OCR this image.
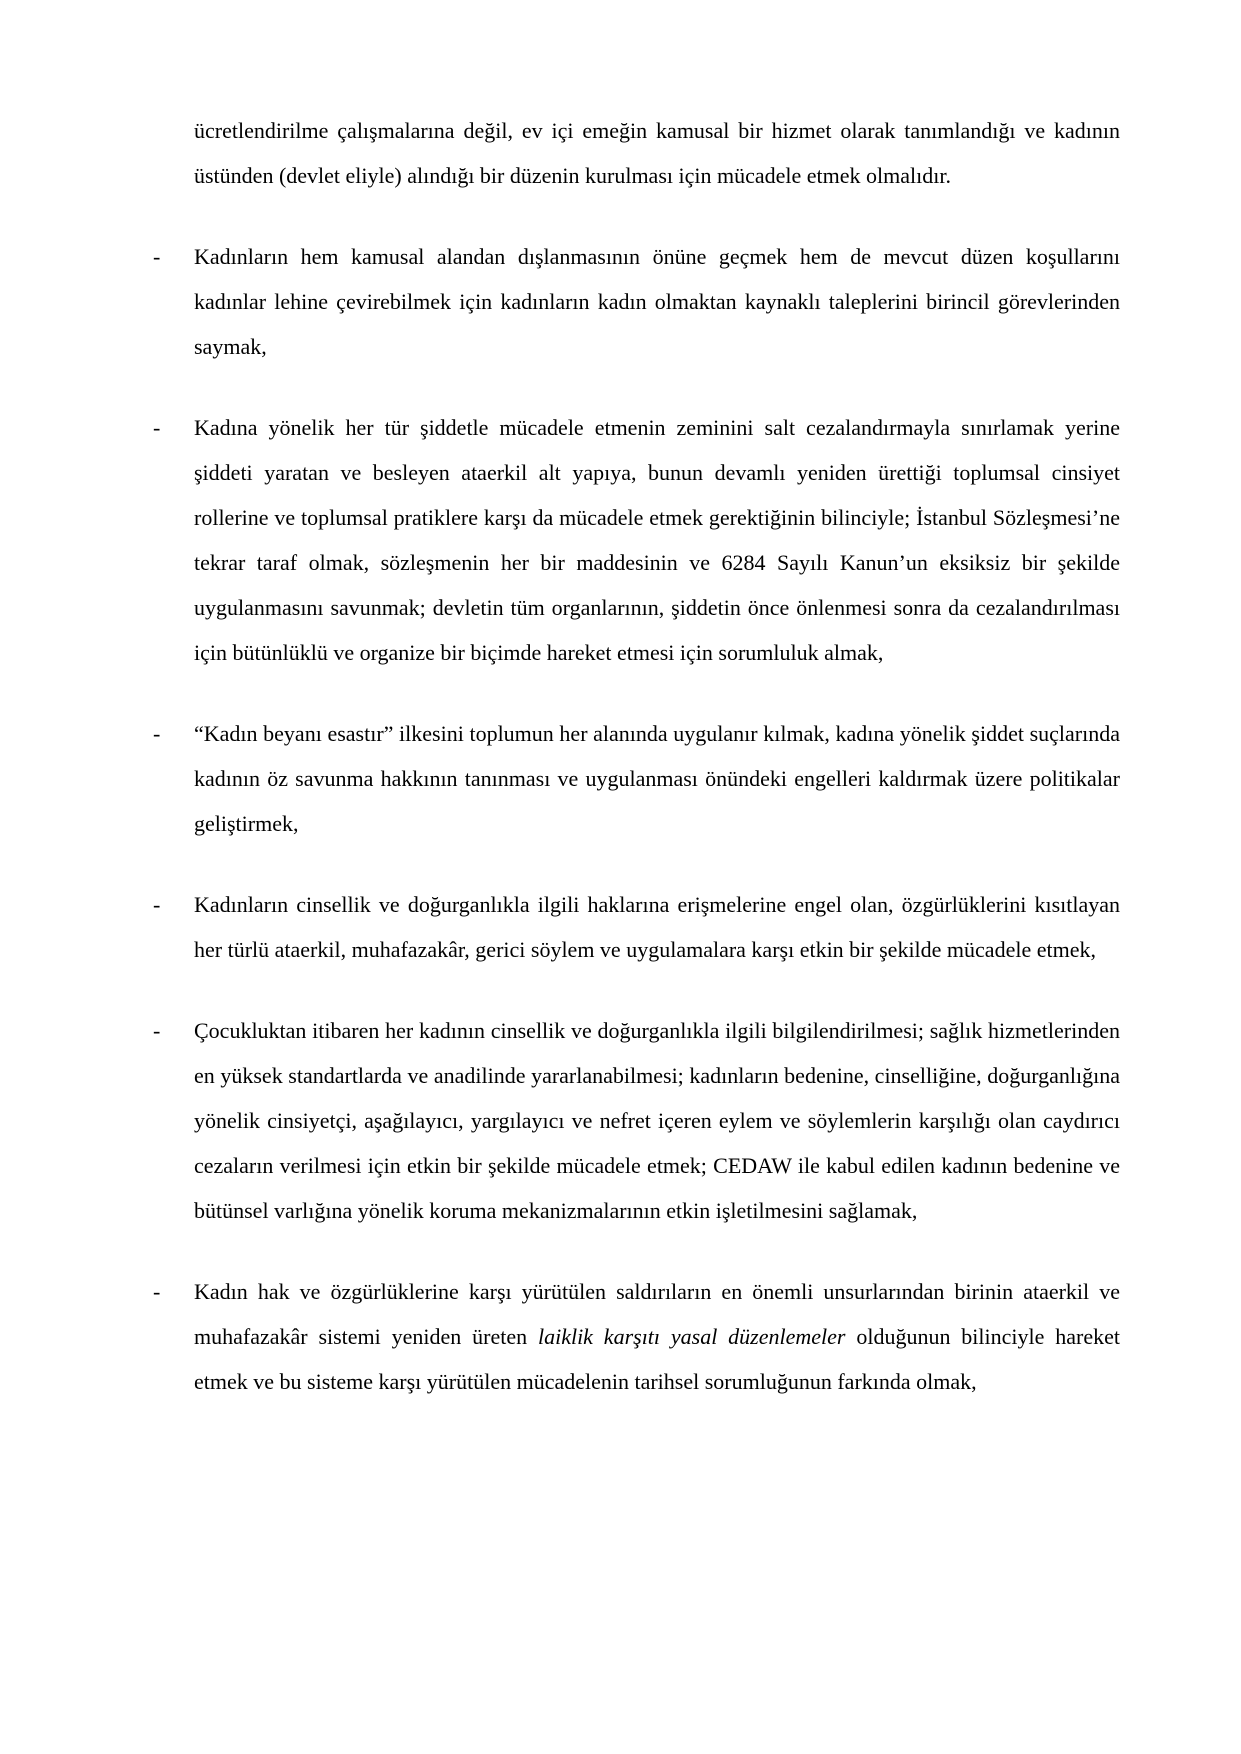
ücretlendirilme çalışmalarına değil, ev içi emeğin kamusal bir hizmet olarak tanımlandığı ve kadının üstünden (devlet eliyle) alındığı bir düzenin kurulması için mücadele etmek olmalıdır.

-	Kadınların hem kamusal alandan dışlanmasının önüne geçmek hem de mevcut düzen koşullarını kadınlar lehine çevirebilmek için kadınların kadın olmaktan kaynaklı taleplerini birincil görevlerinden saymak,

-	Kadına yönelik her tür şiddetle mücadele etmenin zeminini salt cezalandırmayla sınırlamak yerine şiddeti yaratan ve besleyen ataerkil alt yapıya, bunun devamlı yeniden ürettiği toplumsal cinsiyet rollerine ve toplumsal pratiklere karşı da mücadele etmek gerektiğinin bilinciyle; İstanbul Sözleşmesi’ne tekrar taraf olmak, sözleşmenin her bir maddesinin ve 6284 Sayılı Kanun’un eksiksiz bir şekilde uygulanmasını savunmak; devletin tüm organlarının, şiddetin önce önlenmesi sonra da cezalandırılması için bütünlüklü ve organize bir biçimde hareket etmesi için sorumluluk almak,

-	“Kadın beyanı esastır” ilkesini toplumun her alanında uygulanır kılmak, kadına yönelik şiddet suçlarında kadının öz savunma hakkının tanınması ve uygulanması önündeki engelleri kaldırmak üzere politikalar geliştirmek,

-	Kadınların cinsellik ve doğurganlıkla ilgili haklarına erişmelerine engel olan, özgürlüklerini kısıtlayan her türlü ataerkil, muhafazakâr, gerici söylem ve uygulamalara karşı etkin bir şekilde mücadele etmek,

-	Çocukluktan itibaren her kadının cinsellik ve doğurganlıkla ilgili bilgilendirilmesi; sağlık hizmetlerinden en yüksek standartlarda ve anadilinde yararlanabilmesi; kadınların bedenine, cinselliğine, doğurganlığına yönelik cinsiyetçi, aşağılayıcı, yargılayıcı ve nefret içeren eylem ve söylemlerin karşılığı olan caydırıcı cezaların verilmesi için etkin bir şekilde mücadele etmek; CEDAW ile kabul edilen kadının bedenine ve bütünsel varlığına yönelik koruma mekanizmalarının etkin işletilmesini sağlamak,

-	Kadın hak ve özgürlüklerine karşı yürütülen saldırıların en önemli unsurlarından birinin ataerkil ve muhafazakâr sistemi yeniden üreten laiklik karşıtı yasal düzenlemeler olduğunun bilinciyle hareket etmek ve bu sisteme karşı yürütülen mücadelenin tarihsel sorumluğunun farkında olmak,
